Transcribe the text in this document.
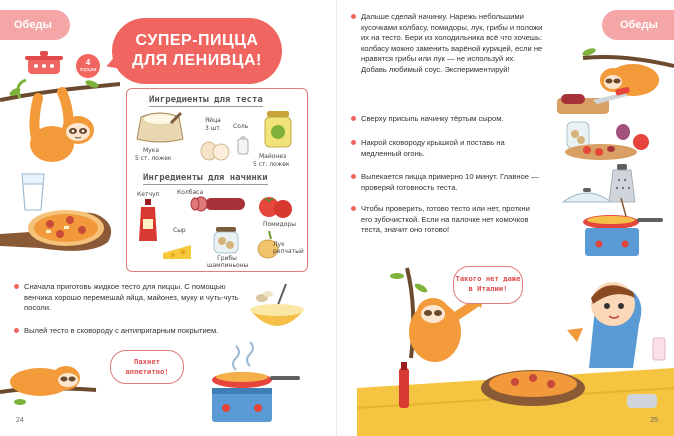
Обеды
4
порции
СУПЕР-ПИЦЦА
ДЛЯ ЛЕНИВЦА!
Ингредиенты для теста
Мука
5 ст. ложек
Яйца
3 шт. Соль
Майонез
5 ст. ложек
Ингредиенты для начинки
Кетчуп	Колбаса
Помидоры
Сыр
Грибы шампиньоны
Лук репчатый
Сначала приготовь жидкое тесто для пиццы. С помощью венчика хорошо перемешай яйца, майонез, муку и чуть-чуть посоли.
Вылей тесто в сковороду с антипригарным покрытием.
Пахнет аппетитно!
24
Обеды
Дальше сделай начинку. Нарежь небольшими кусочками колбасу, помидоры, лук, грибы и положи их на тесто. Бери из холодильника всё что хочешь: колбасу можно заменить варёной курицей, если не нравятся грибы или лук — не используй их. Добавь любимый соус. Экспериментируй!
Сверху присыпь начинку тёртым сыром.
Накрой сковороду крышкой и поставь на медленный огонь.
Выпекается пицца примерно 10 минут. Главное — проверяй готовность теста.
Чтобы проверить, готово тесто или нет, проткни его зубочисткой. Если на палочке нет комочков теста, значит оно готово!
Такого нет даже в Италии!
25
